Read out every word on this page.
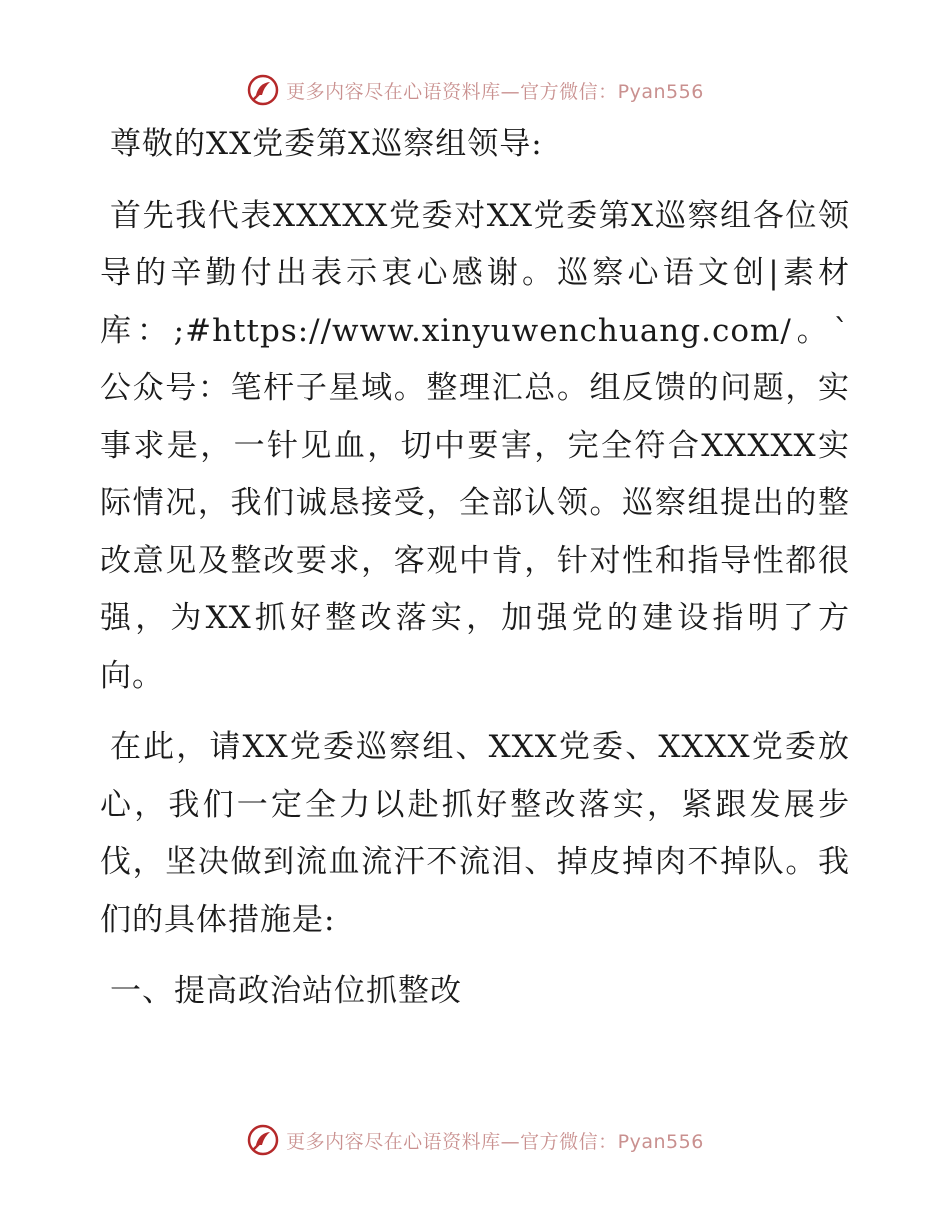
更多内容尽在心语资料库—官方微信：Pyan556

尊敬的XX党委第X巡察组领导:

首先我代表XXXXX党委对XX党委第X巡察组各位领导的辛勤付出表示衷心感谢。巡察心语文创|素材库：;#https://www.xinyuwenchuang.com/。`公众号：笔杆子星域。整理汇总。组反馈的问题，实事求是，一针见血，切中要害，完全符合XXXXX实际情况，我们诚恳接受，全部认领。巡察组提出的整改意见及整改要求，客观中肯，针对性和指导性都很强，为XX抓好整改落实，加强党的建设指明了方向。

在此，请XX党委巡察组、XXX党委、XXXX党委放心，我们一定全力以赴抓好整改落实，紧跟发展步伐，坚决做到流血流汗不流泪、掉皮掉肉不掉队。我们的具体措施是:

一、提高政治站位抓整改

更多内容尽在心语资料库—官方微信：Pyan556
